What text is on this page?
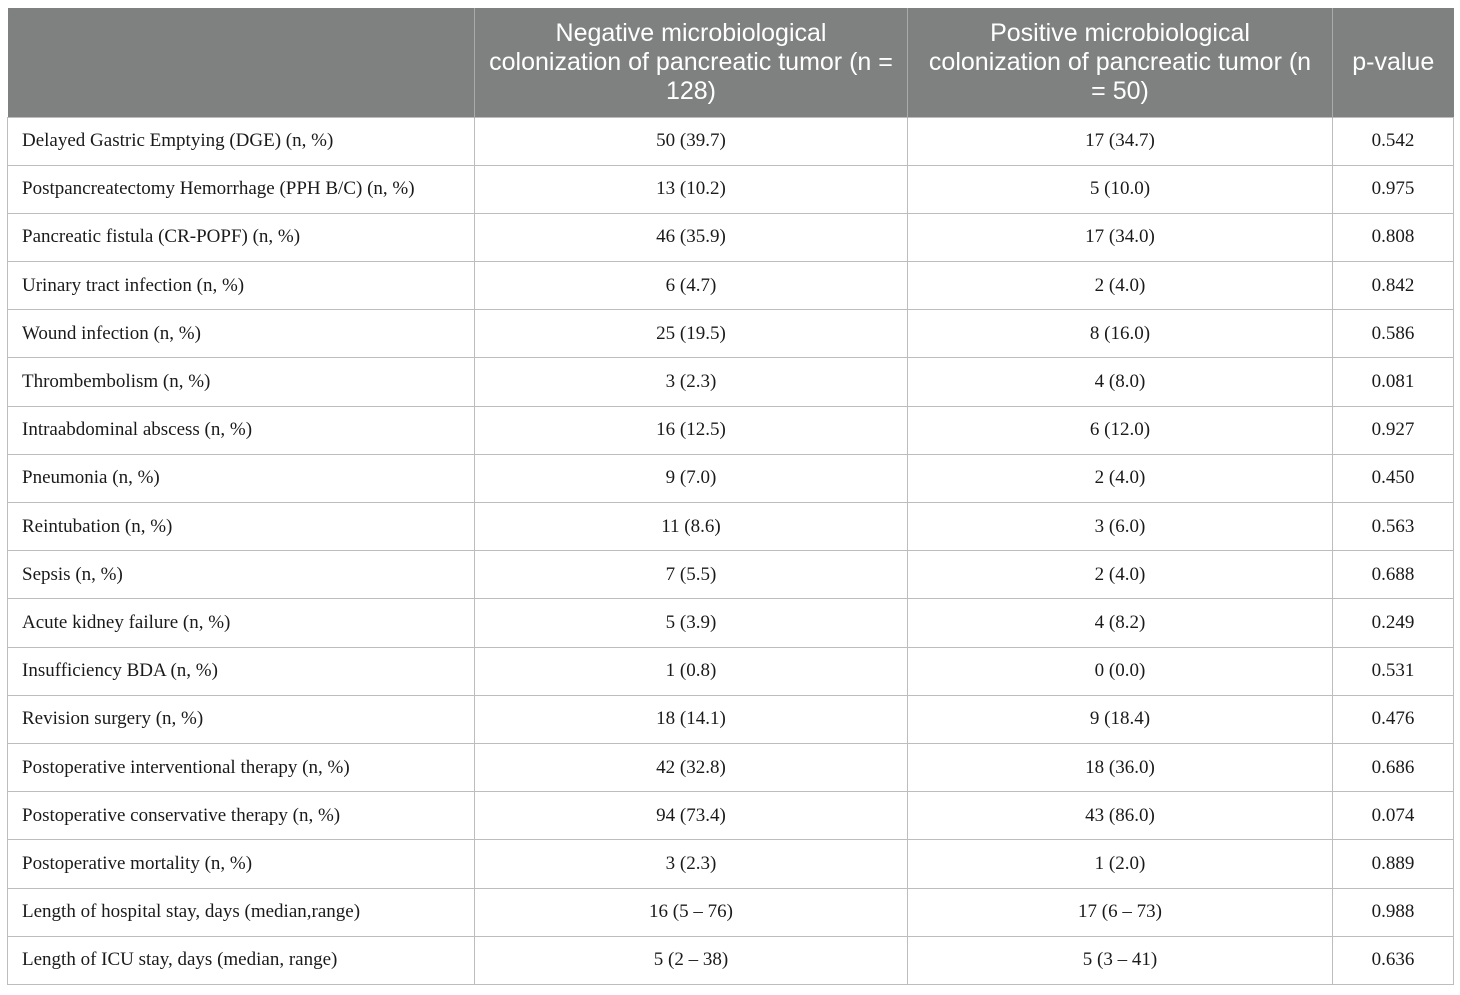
	Negative microbiological colonization of pancreatic tumor (n = 128)	Positive microbiological colonization of pancreatic tumor (n = 50)	p-value
Delayed Gastric Emptying (DGE) (n, %)	50 (39.7)	17 (34.7)	0.542
Postpancreatectomy Hemorrhage (PPH B/C) (n, %)	13 (10.2)	5 (10.0)	0.975
Pancreatic fistula (CR-POPF) (n, %)	46 (35.9)	17 (34.0)	0.808
Urinary tract infection (n, %)	6 (4.7)	2 (4.0)	0.842
Wound infection (n, %)	25 (19.5)	8 (16.0)	0.586
Thrombembolism (n, %)	3 (2.3)	4 (8.0)	0.081
Intraabdominal abscess (n, %)	16 (12.5)	6 (12.0)	0.927
Pneumonia (n, %)	9 (7.0)	2 (4.0)	0.450
Reintubation (n, %)	11 (8.6)	3 (6.0)	0.563
Sepsis (n, %)	7 (5.5)	2 (4.0)	0.688
Acute kidney failure (n, %)	5 (3.9)	4 (8.2)	0.249
Insufficiency BDA (n, %)	1 (0.8)	0 (0.0)	0.531
Revision surgery (n, %)	18 (14.1)	9 (18.4)	0.476
Postoperative interventional therapy (n, %)	42 (32.8)	18 (36.0)	0.686
Postoperative conservative therapy (n, %)	94 (73.4)	43 (86.0)	0.074
Postoperative mortality (n, %)	3 (2.3)	1 (2.0)	0.889
Length of hospital stay, days (median,range)	16 (5 – 76)	17 (6 – 73)	0.988
Length of ICU stay, days (median, range)	5 (2 – 38)	5 (3 – 41)	0.636
